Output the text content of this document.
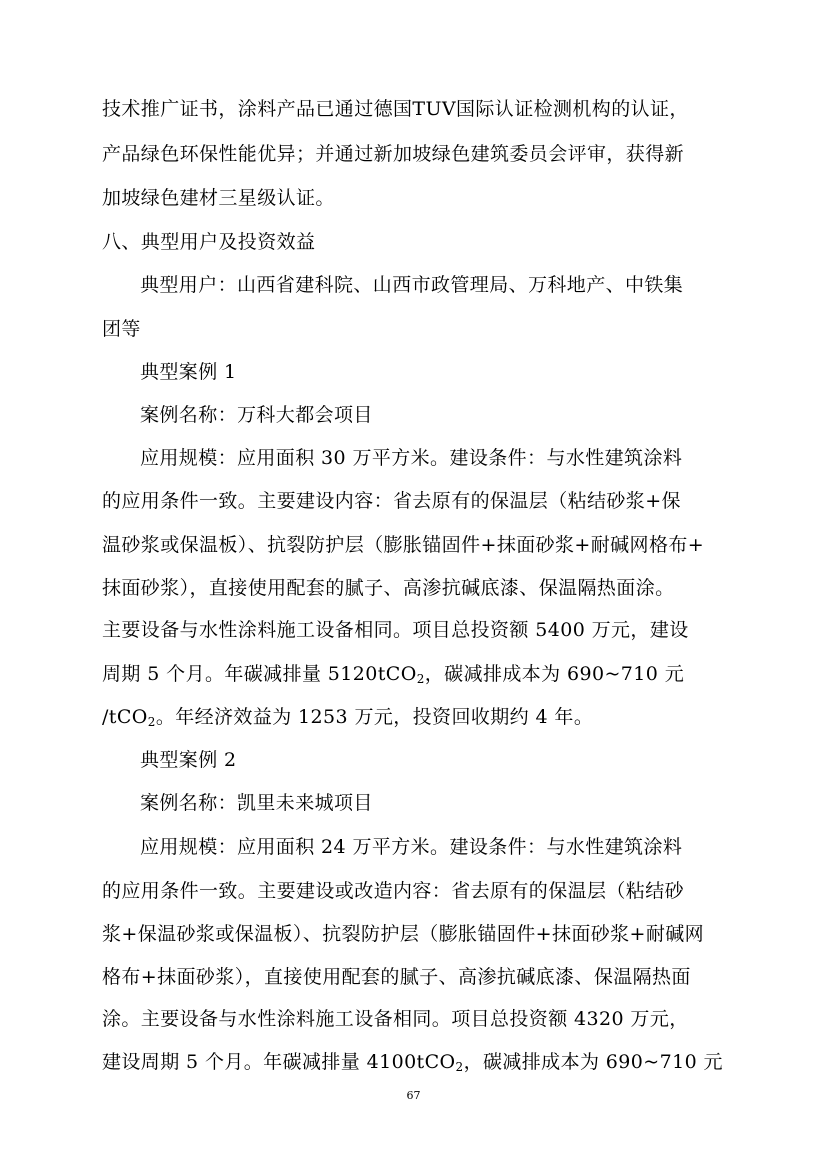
技术推广证书，涂料产品已通过德国TUV国际认证检测机构的认证，
产品绿色环保性能优异；并通过新加坡绿色建筑委员会评审，获得新
加坡绿色建材三星级认证。
八、典型用户及投资效益
典型用户：山西省建科院、山西市政管理局、万科地产、中铁集
团等
典型案例 1
案例名称：万科大都会项目
应用规模：应用面积 30 万平方米。建设条件：与水性建筑涂料
的应用条件一致。主要建设内容：省去原有的保温层（粘结砂浆+保
温砂浆或保温板）、抗裂防护层（膨胀锚固件+抹面砂浆+耐碱网格布+
抹面砂浆），直接使用配套的腻子、高渗抗碱底漆、保温隔热面涂。
主要设备与水性涂料施工设备相同。项目总投资额 5400 万元，建设
周期 5 个月。年碳减排量 5120tCO$_2$，碳减排成本为 690~710 元
/tCO$_2$。年经济效益为 1253 万元，投资回收期约 4 年。
典型案例 2
案例名称：凯里未来城项目
应用规模：应用面积 24 万平方米。建设条件：与水性建筑涂料
的应用条件一致。主要建设或改造内容：省去原有的保温层（粘结砂
浆+保温砂浆或保温板）、抗裂防护层（膨胀锚固件+抹面砂浆+耐碱网
格布+抹面砂浆），直接使用配套的腻子、高渗抗碱底漆、保温隔热面
涂。主要设备与水性涂料施工设备相同。项目总投资额 4320 万元，
建设周期 5 个月。年碳减排量 4100tCO$_2$，碳减排成本为 690~710 元
67
